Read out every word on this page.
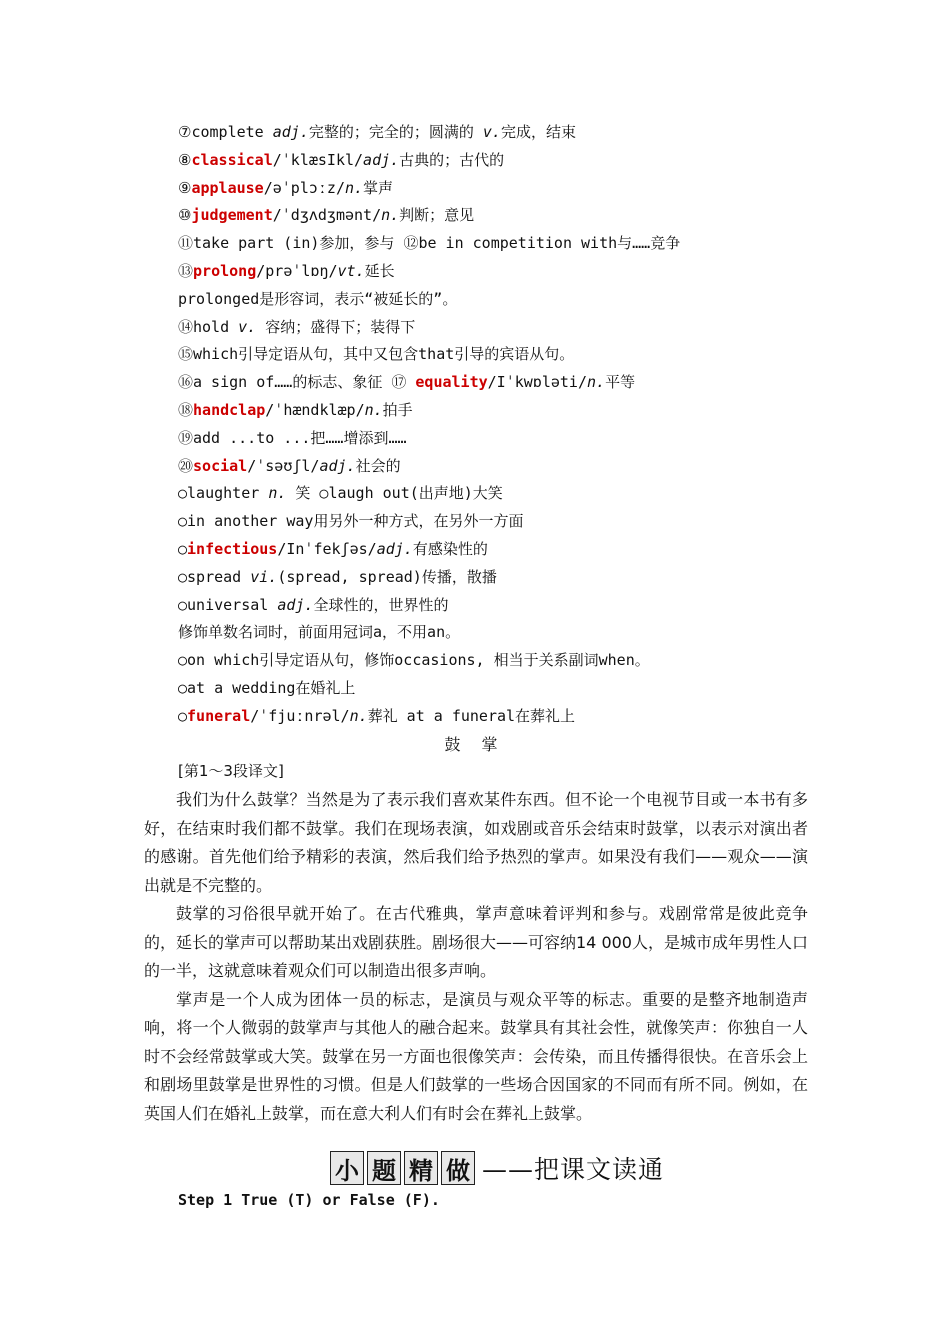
⑦complete adj.完整的；完全的；圆满的 v.完成，结束
⑧classical/ˈklæsIkl/adj.古典的；古代的
⑨applause/əˈplɔːz/n.掌声
⑩judgement/ˈdʒʌdʒmənt/n.判断；意见
⑪take part (in)参加，参与 ⑫be in competition with与……竞争
⑬prolong/prəˈlɒŋ/vt.延长
prolonged是形容词，表示“被延长的”。
⑭hold v. 容纳；盛得下；装得下
⑮which引导定语从句，其中又包含that引导的宾语从句。
⑯a sign of……的标志、象征 ⑰ equality/Iˈkwɒləti/n.平等
⑱handclap/ˈhændklæp/n.拍手
⑲add ...to ...把……增添到……
⑳social/ˈsəʊʃl/adj.社会的
○laughter n. 笑 ○laugh out(出声地)大笑
○in another way用另外一种方式，在另外一方面
○infectious/Inˈfekʃəs/adj.有感染性的
○spread vi.(spread, spread)传播，散播
○universal adj.全球性的，世界性的
修饰单数名词时，前面用冠词a，不用an。
○on which引导定语从句，修饰occasions, 相当于关系副词when。
○at a wedding在婚礼上
○funeral/ˈfjuːnrəl/n.葬礼 at a funeral在葬礼上
鼓 掌
[第1～3段译文]

我们为什么鼓掌？当然是为了表示我们喜欢某件东西。但不论一个电视节目或一本书有多好，在结束时我们都不鼓掌。我们在现场表演，如戏剧或音乐会结束时鼓掌，以表示对演出者的感谢。首先他们给予精彩的表演，然后我们给予热烈的掌声。如果没有我们——观众——演出就是不完整的。

鼓掌的习俗很早就开始了。在古代雅典，掌声意味着评判和参与。戏剧常常是彼此竞争的，延长的掌声可以帮助某出戏剧获胜。剧场很大——可容纳14 000人，是城市成年男性人口的一半，这就意味着观众们可以制造出很多声响。

掌声是一个人成为团体一员的标志，是演员与观众平等的标志。重要的是整齐地制造声响，将一个人微弱的鼓掌声与其他人的融合起来。鼓掌具有其社会性，就像笑声：你独自一人时不会经常鼓掌或大笑。鼓掌在另一方面也很像笑声：会传染，而且传播得很快。在音乐会上和剧场里鼓掌是世界性的习惯。但是人们鼓掌的一些场合因国家的不同而有所不同。例如，在英国人们在婚礼上鼓掌，而在意大利人们有时会在葬礼上鼓掌。

小 题 精 做 ——把课文读通
Step 1 True (T) or False (F).
